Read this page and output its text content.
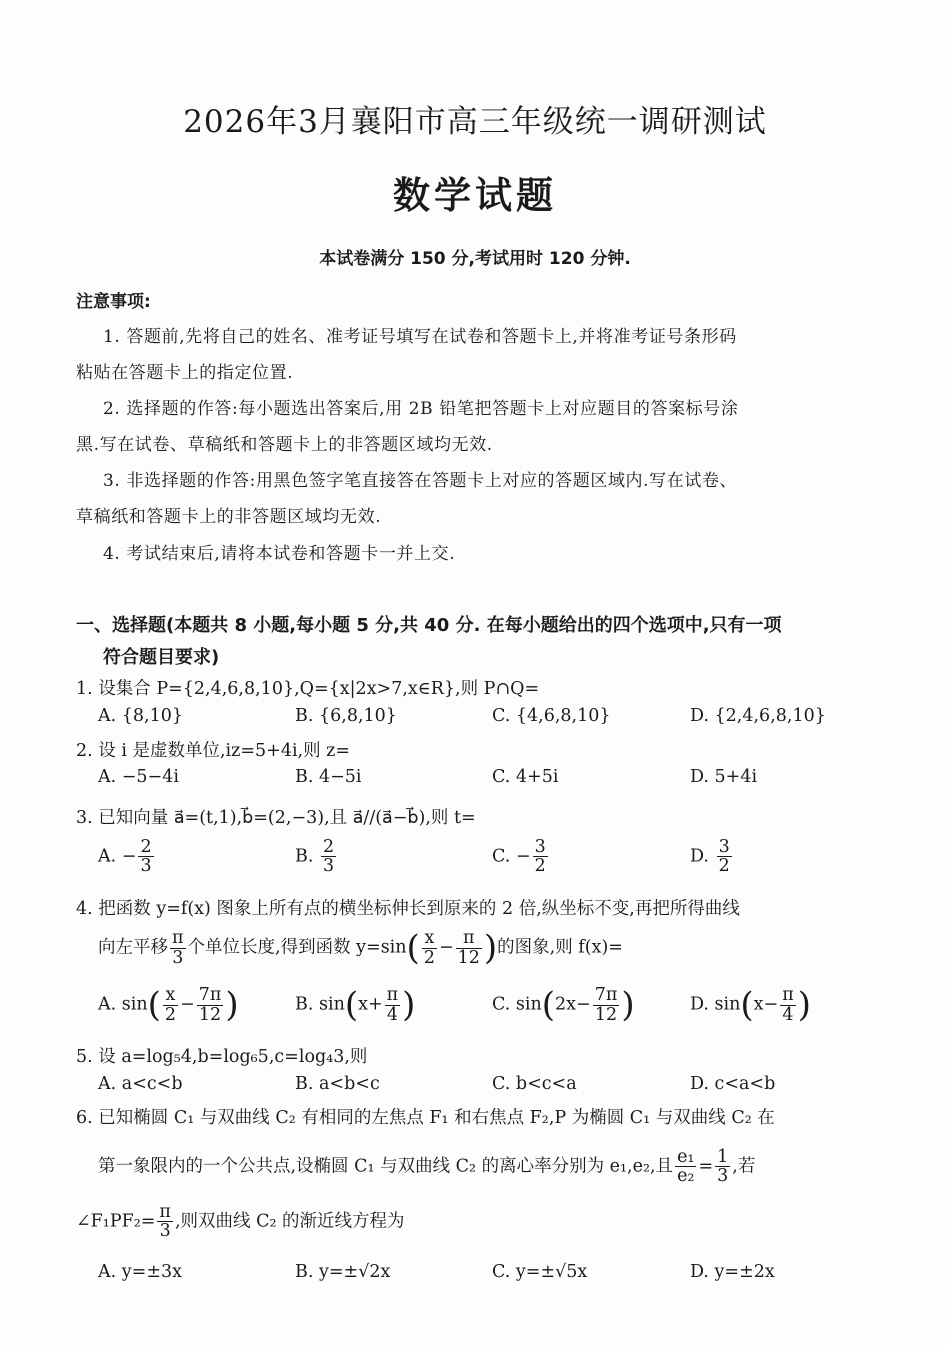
2026年3月襄阳市高三年级统一调研测试
数学试题
本试卷满分 150 分,考试用时 120 分钟.
注意事项:
1. 答题前,先将自己的姓名、准考证号填写在试卷和答题卡上,并将准考证号条形码
粘贴在答题卡上的指定位置.
2. 选择题的作答:每小题选出答案后,用 2B 铅笔把答题卡上对应题目的答案标号涂
黑.写在试卷、草稿纸和答题卡上的非答题区域均无效.
3. 非选择题的作答:用黑色签字笔直接答在答题卡上对应的答题区域内.写在试卷、
草稿纸和答题卡上的非答题区域均无效.
4. 考试结束后,请将本试卷和答题卡一并上交.
一、选择题(本题共 8 小题,每小题 5 分,共 40 分. 在每小题给出的四个选项中,只有一项
符合题目要求)
1. 设集合 P={2,4,6,8,10},Q={x|2x>7,x∈R},则 P∩Q=
A. {8,10}	B. {6,8,10}	C. {4,6,8,10}	D. {2,4,6,8,10}
2. 设 i 是虚数单位,iz=5+4i,则 z=
A. −5−4i	B. 4−5i	C. 4+5i	D. 5+4i
3. 已知向量 a⃗=(t,1),b⃗=(2,−3),且 a⃗//(a⃗−b⃗),则 t=
A. − $\frac{2}{3}$	B. $\frac{2}{3}$	C. − $\frac{3}{2}$	D. $\frac{3}{2}$
4. 把函数 y=f(x) 图象上所有点的横坐标伸长到原来的 2 倍,纵坐标不变,再把所得曲线
向左平移 $\frac{\pi}{3}$ 个单位长度,得到函数 $y=\sin( \frac{x}{2} - \frac{\pi}{12}$ )的图象,则 f(x)=
A. $\sin( \frac{x}{2} - \frac{7\pi}{12}$ )	B. $\sin(x+ \frac{\pi}{4}$ )	C. $\sin(2x- \frac{7\pi}{12}$ )	D. $\sin(x- \frac{\pi}{4}$ )
5. 设 a=log₅4,b=log₆5,c=log₄3,则
A. a<c<b	B. a<b<c	C. b<c<a	D. c<a<b
6. 已知椭圆 C₁ 与双曲线 C₂ 有相同的左焦点 F₁ 和右焦点 F₂,P 为椭圆 C₁ 与双曲线 C₂ 在
第一象限内的一个公共点,设椭圆 C₁ 与双曲线 C₂ 的离心率分别为 e₁,e₂,且 $\frac{\text{e₁}}{\text{e₂}} = \frac{1}{3}$ ,若
∠F₁PF₂= $\frac{\pi}{3}$ ,则双曲线 C₂ 的渐近线方程为
A. y=±3x	B. y=±√2x	C. y=±√5x	D. y=±2x
